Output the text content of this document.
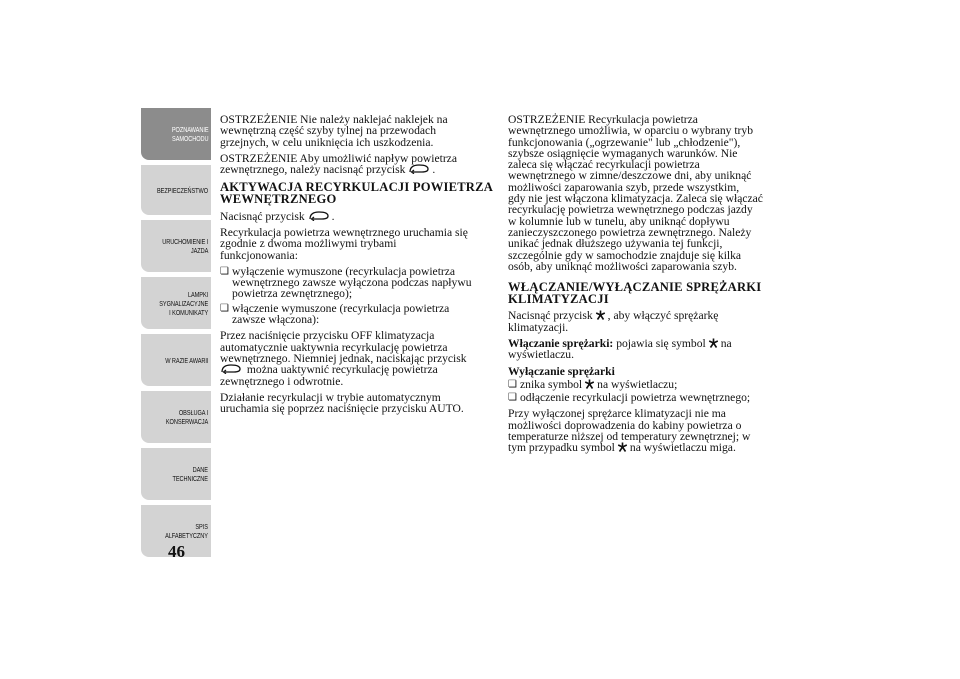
POZNAWANIE
SAMOCHODU
BEZPIECZEŃSTWO
URUCHOMIENIE I
JAZDA
LAMPKI
SYGNALIZACYJNE
I KOMUNIKATY
W RAZIE AWARII
OBSŁUGA I
KONSERWACJA
DANE
TECHNICZNE
SPIS
ALFABETYCZNY
46

OSTRZEŻENIE Nie należy naklejać naklejek na
wewnętrzną część szyby tylnej na przewodach
grzejnych, w celu uniknięcia ich uszkodzenia.

OSTRZEŻENIE Aby umożliwić napływ powietrza
zewnętrznego, należy nacisnąć przycisk .

AKTYWACJA RECYRKULACJI POWIETRZA
WEWNĘTRZNEGO

Nacisnąć przycisk .

Recyrkulacja powietrza wewnętrznego uruchamia się
zgodnie z dwoma możliwymi trybami
funkcjonowania:

❏ wyłączenie wymuszone (recyrkulacja powietrza
wewnętrznego zawsze wyłączona podczas napływu
powietrza zewnętrznego);

❏ włączenie wymuszone (recyrkulacja powietrza
zawsze włączona):

Przez naciśnięcie przycisku OFF klimatyzacja
automatycznie uaktywnia recyrkulację powietrza
wewnętrznego. Niemniej jednak, naciskając przycisk
można uaktywnić recyrkulację powietrza
zewnętrznego i odwrotnie.

Działanie recyrkulacji w trybie automatycznym
uruchamia się poprzez naciśnięcie przycisku AUTO.

OSTRZEŻENIE Recyrkulacja powietrza
wewnętrznego umożliwia, w oparciu o wybrany tryb
funkcjonowania („ogrzewanie" lub „chłodzenie"),
szybsze osiągnięcie wymaganych warunków. Nie
zaleca się włączać recyrkulacji powietrza
wewnętrznego w zimne/deszczowe dni, aby uniknąć
możliwości zaparowania szyb, przede wszystkim,
gdy nie jest włączona klimatyzacja. Zaleca się włączać
recyrkulację powietrza wewnętrznego podczas jazdy
w kolumnie lub w tunelu, aby uniknąć dopływu
zanieczyszczonego powietrza zewnętrznego. Należy
unikać jednak dłuższego używania tej funkcji,
szczególnie gdy w samochodzie znajduje się kilka
osób, aby uniknąć możliwości zaparowania szyb.

WŁĄCZANIE/WYŁĄCZANIE SPRĘŻARKI
KLIMATYZACJI

Nacisnąć przycisk , aby włączyć sprężarkę
klimatyzacji.

Włączanie sprężarki: pojawia się symbol na
wyświetlaczu.

Wyłączanie sprężarki

❏ znika symbol na wyświetlaczu;

❏ odłączenie recyrkulacji powietrza wewnętrznego;

Przy wyłączonej sprężarce klimatyzacji nie ma
możliwości doprowadzenia do kabiny powietrza o
temperaturze niższej od temperatury zewnętrznej; w
tym przypadku symbol na wyświetlaczu miga.
